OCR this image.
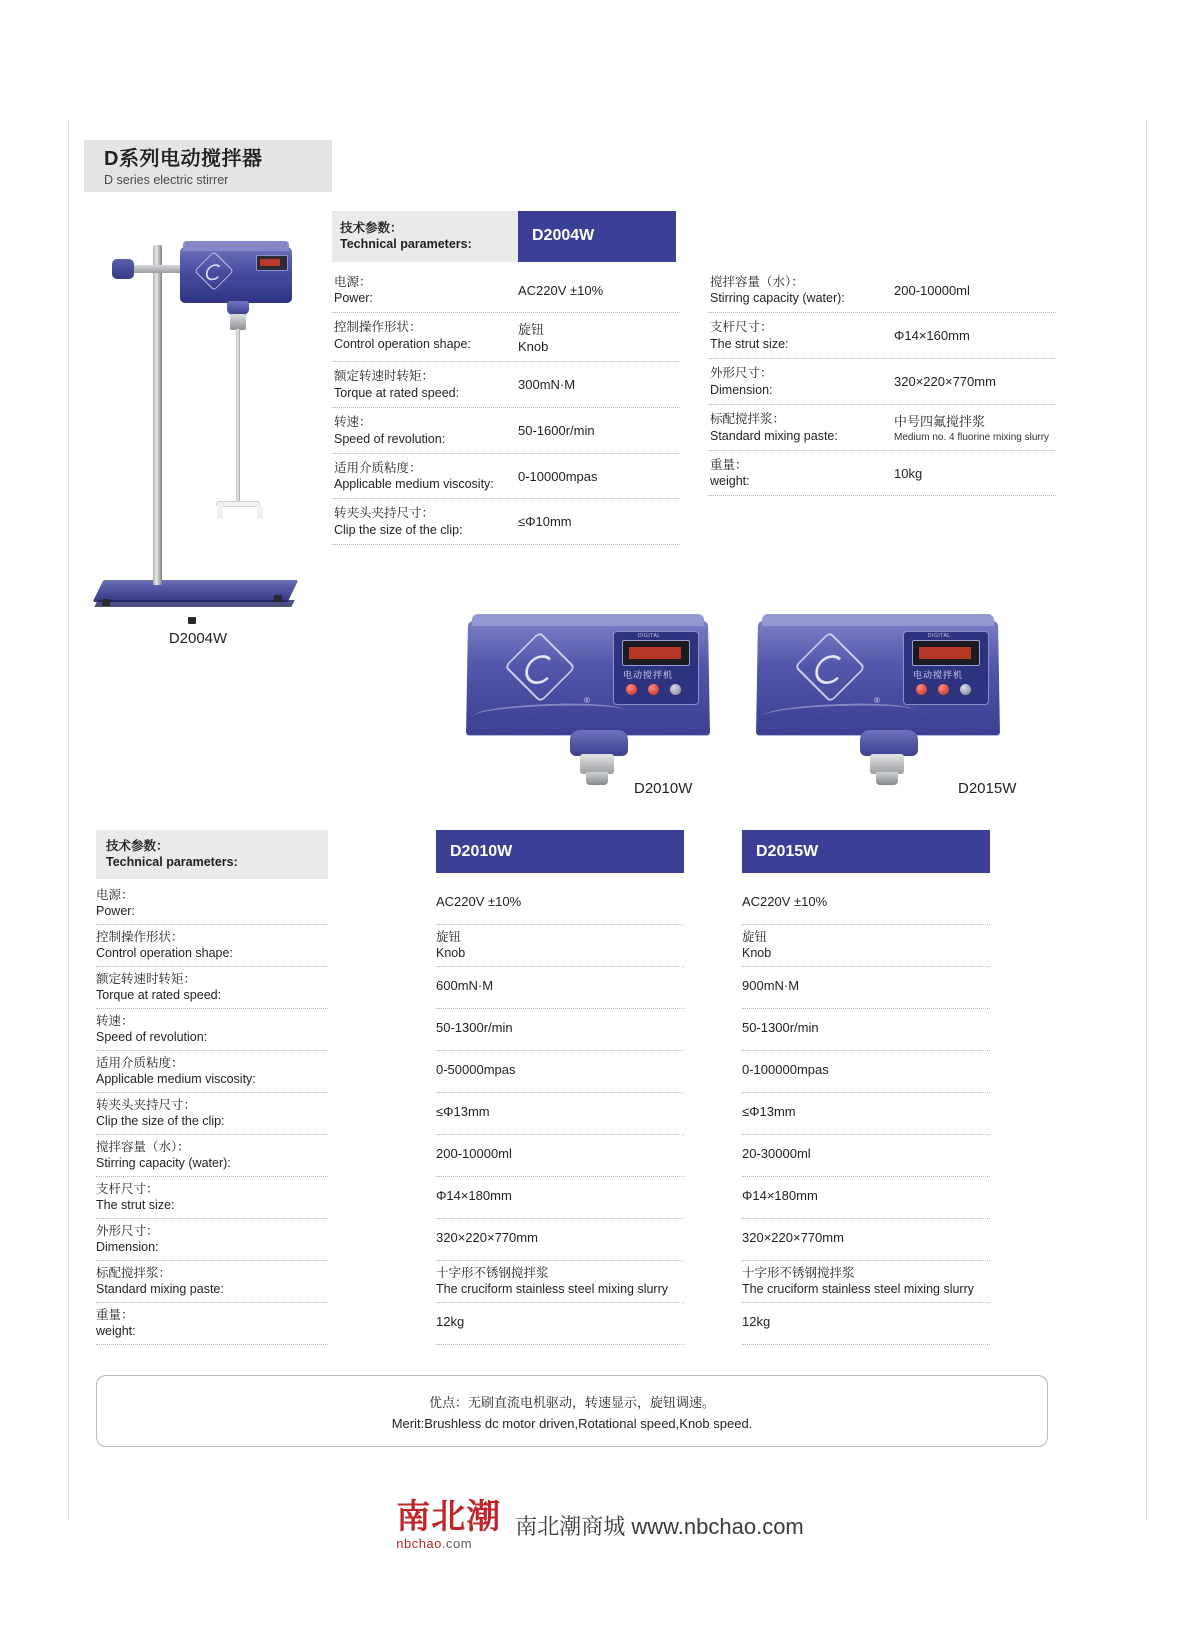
D系列电动搅拌器
D series electric stirrer
D2004W
技术参数：
Technical parameters:	D2004W
电源：
Power:
AC220V ±10%
控制操作形状：
Control operation shape:
旋钮
Knob
额定转速时转矩：
Torque at rated speed:
300mN·M
转速：
Speed of revolution:
50-1600r/min
适用介质粘度：
Applicable medium viscosity:
0-10000mpas
转夹头夹持尺寸：
Clip the size of the clip:
≤Φ10mm
搅拌容量（水）：
Stirring capacity (water):
200-10000ml
支杆尺寸：
The strut size:
Φ14×160mm
外形尺寸：
Dimension:
320×220×770mm
标配搅拌浆：
Standard mixing paste:
中号四氟搅拌浆
Medium no. 4 fluorine mixing slurry
重量：
weight:
10kg
®
DIGITAL
电动搅拌机
D2010W
®
DIGITAL
电动搅拌机
D2015W
技术参数：
Technical parameters:
D2010W	D2015W
电源：
Power:
控制操作形状：
Control operation shape:
额定转速时转矩：
Torque at rated speed:
转速：
Speed of revolution:
适用介质粘度：
Applicable medium viscosity:
转夹头夹持尺寸：
Clip the size of the clip:
搅拌容量（水）：
Stirring capacity (water):
支杆尺寸：
The strut size:
外形尺寸：
Dimension:
标配搅拌浆：
Standard mixing paste:
重量：
weight:
AC220V ±10%
旋钮
Knob
600mN·M
50-1300r/min
0-50000mpas
≤Φ13mm
200-10000ml
Φ14×180mm
320×220×770mm
十字形不锈钢搅拌浆
The cruciform stainless steel mixing slurry
12kg
AC220V ±10%
旋钮
Knob
900mN·M
50-1300r/min
0-100000mpas
≤Φ13mm
20-30000ml
Φ14×180mm
320×220×770mm
十字形不锈钢搅拌浆
The cruciform stainless steel mixing slurry
12kg
优点：无刷直流电机驱动，转速显示，旋钮调速。
Merit:Brushless dc motor driven,Rotational speed,Knob speed.
南北潮
nbchao.com
南北潮商城 www.nbchao.com
